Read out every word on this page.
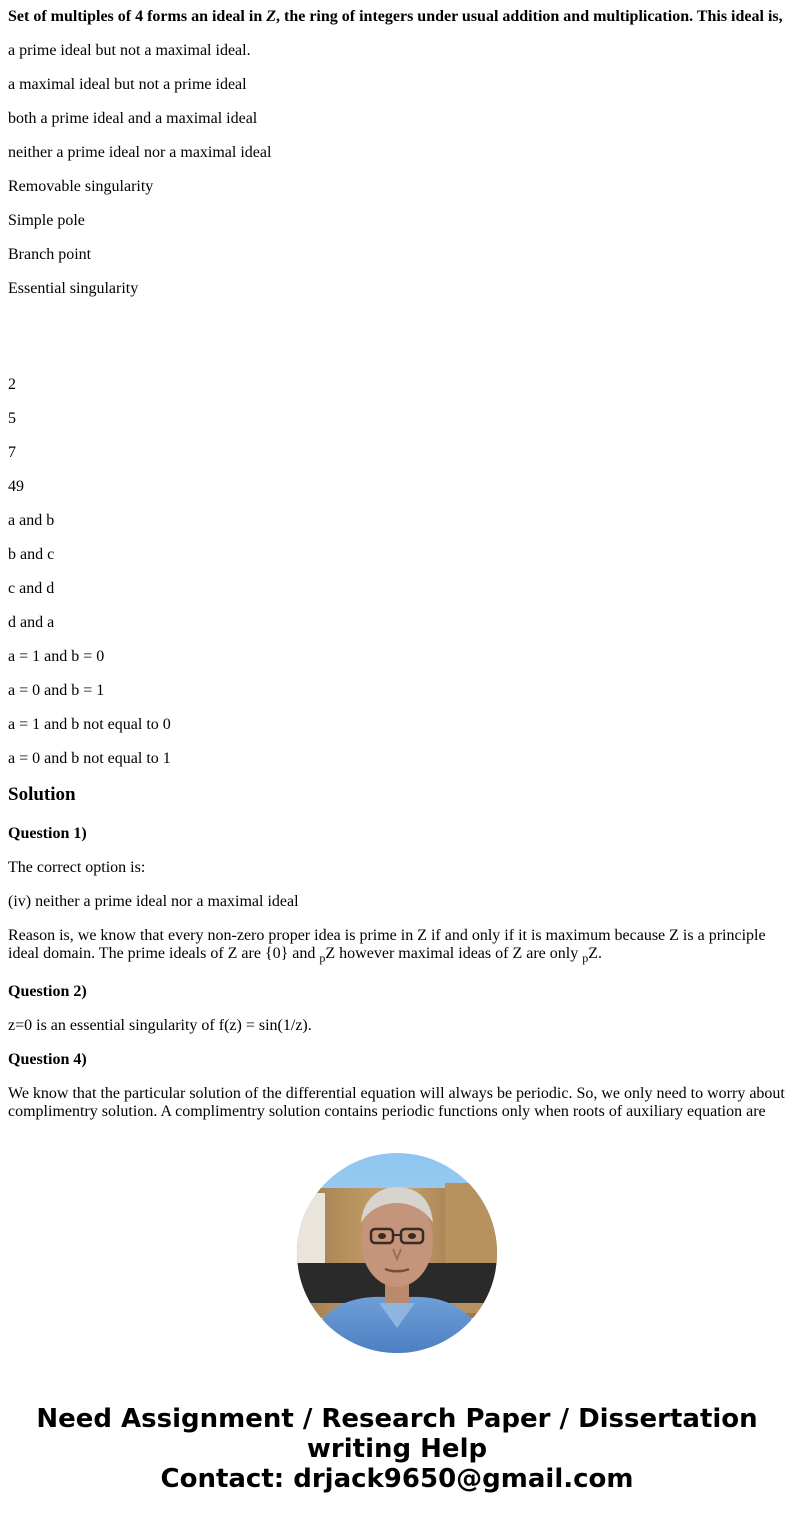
Set of multiples of 4 forms an ideal in Z, the ring of integers under usual addition and multiplication. This ideal is,

a prime ideal but not a maximal ideal.

a maximal ideal but not a prime ideal

both a prime ideal and a maximal ideal

neither a prime ideal nor a maximal ideal

Removable singularity

Simple pole

Branch point

Essential singularity

2

5

7

49

a and b

b and c

c and d

d and a

a = 1 and b = 0

a = 0 and b = 1

a = 1 and b not equal to 0

a = 0 and b not equal to 1

Solution
Question 1)

The correct option is:

(iv) neither a prime ideal nor a maximal ideal

Reason is, we know that every non-zero proper idea is prime in Z if and only if it is maximum because Z is a principle ideal domain. The prime ideals of Z are {0} and $_p$Z however maximal ideas of Z are only $_p$Z.

Question 2)

z=0 is an essential singularity of f(z) = sin(1/z).

Question 4)

We know that the particular solution of the differential equation will always be periodic. So, we only need to worry about complimentry solution. A complimentry solution contains periodic functions only when roots of auxiliary equation are

Need Assignment / Research Paper / Dissertation
writing Help
Contact: drjack9650@gmail.com
